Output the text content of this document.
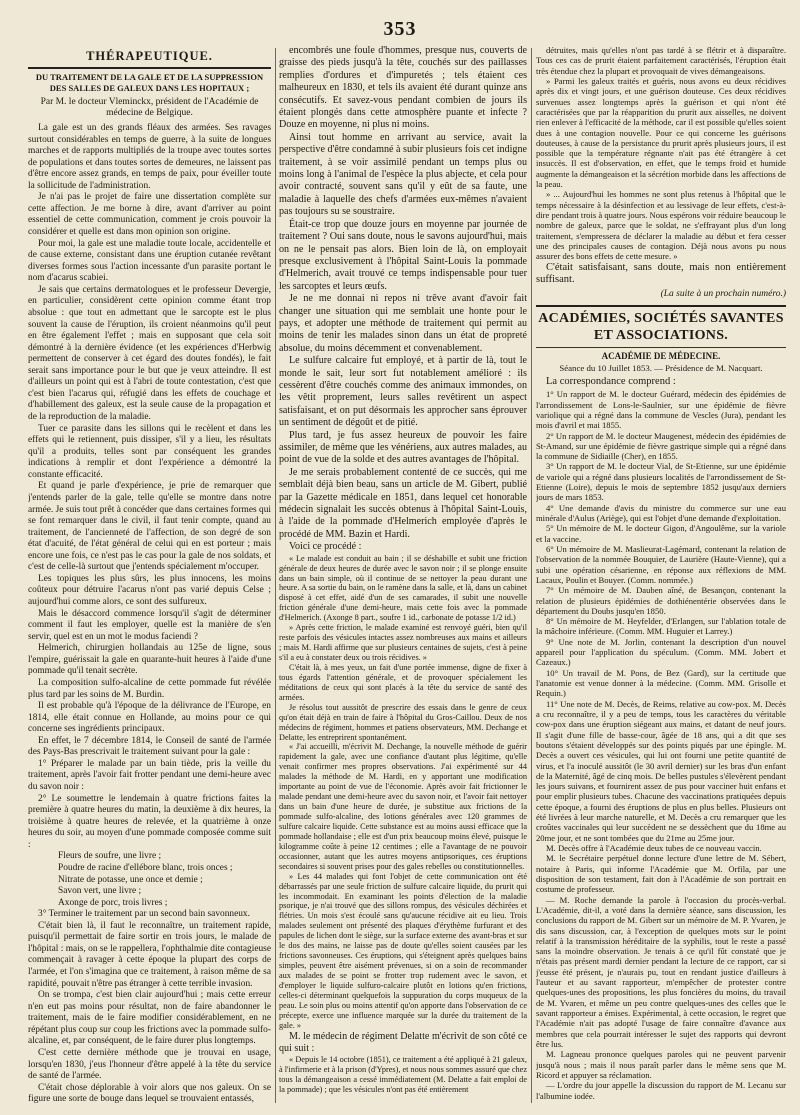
353
THÉRAPEUTIQUE.
DU TRAITEMENT DE LA GALE ET DE LA SUPPRESSION DES SALLES DE GALEUX DANS LES HOPITAUX ;
Par M. le docteur Vleminckx, président de l'Académie de médecine de Belgique.

La gale est un des grands fléaux des armées. Ses ravages surtout considérables en temps de guerre, à la suite de longues marches et de rapports multipliés de la troupe avec toutes sortes de populations et dans toutes sortes de demeures, ne laissent pas d'être encore assez grands, en temps de paix, pour éveiller toute la sollicitude de l'administration.

Je n'ai pas le projet de faire une dissertation complète sur cette affection. Je me borne à dire, avant d'arriver au point essentiel de cette communication, comment je crois pouvoir la considérer et quelle est dans mon opinion son origine.

Pour moi, la gale est une maladie toute locale, accidentelle et de cause externe, consistant dans une éruption cutanée revêtant diverses formes sous l'action incessante d'un parasite portant le nom d'acarus scabiei.

Je sais que certains dermatologues et le professeur Devergie, en particulier, considèrent cette opinion comme étant trop absolue : que tout en admettant que le sarcopte est le plus souvent la cause de l'éruption, ils croient néanmoins qu'il peut en être également l'effet ; mais en supposant que cela soit démontré à la dernière évidence (et les expériences d'Herbwig permettent de conserver à cet égard des doutes fondés), le fait serait sans importance pour le but que je veux atteindre. Il est d'ailleurs un point qui est à l'abri de toute contestation, c'est que c'est bien l'acarus qui, réfugié dans les effets de couchage et d'habillement des galeux, est la seule cause de la propagation et de la reproduction de la maladie.

Tuer ce parasite dans les sillons qui le recèlent et dans les effets qui le retiennent, puis dissiper, s'il y a lieu, les résultats qu'il a produits, telles sont par conséquent les grandes indications à remplir et dont l'expérience a démontré la constante efficacité.

Et quand je parle d'expérience, je prie de remarquer que j'entends parler de la gale, telle qu'elle se montre dans notre armée. Je suis tout prêt à concéder que dans certaines formes qui se font remarquer dans le civil, il faut tenir compte, quand au traitement, de l'ancienneté de l'affection, de son degré de son état d'acuité, de l'état général de celui qui en est porteur ; mais encore une fois, ce n'est pas le cas pour la gale de nos soldats, et c'est de celle-là surtout que j'entends spécialement m'occuper.

Les topiques les plus sûrs, les plus innocens, les moins coûteux pour détruire l'acarus n'ont pas varié depuis Celse ; aujourd'hui comme alors, ce sont des sulfureux.

Mais le désaccord commence lorsqu'il s'agit de déterminer comment il faut les employer, quelle est la manière de s'en servir, quel est en un mot le modus faciendi ?

Helmerich, chirurgien hollandais au 125e de ligne, sous l'empire, guérissait la gale en quarante-huit heures à l'aide d'une pommade qu'il tenait secrète.

La composition sulfo-alcaline de cette pommade fut révélée plus tard par les soins de M. Burdin.

Il est probable qu'à l'époque de la délivrance de l'Europe, en 1814, elle était connue en Hollande, au moins pour ce qui concerne ses ingrédients principaux.

En effet, le 7 décembre 1814, le Conseil de santé de l'armée des Pays-Bas prescrivait le traitement suivant pour la gale :

1° Préparer le malade par un bain tiède, pris la veille du traitement, après l'avoir fait frotter pendant une demi-heure avec du savon noir :

2° Le soumettre le lendemain à quatre frictions faites la première à quatre heures du matin, la deuxième à dix heures, la troisième à quatre heures de relevée, et la quatrième à onze heures du soir, au moyen d'une pommade composée comme suit :

Fleurs de soufre, une livre ;
Poudre de racine d'ellébore blanc, trois onces ;
Nitrate de potasse, une once et demie ;
Savon vert, une livre ;
Axonge de porc, trois livres ;

3° Terminer le traitement par un second bain savonneux.

C'était bien là, il faut le reconnaître, un traitement rapide, puisqu'il permettait de faire sortir en trois jours, le malade de l'hôpital : mais, on se le rappellera, l'ophthalmie dite contagieuse commençait à ravager à cette époque la plupart des corps de l'armée, et l'on s'imagina que ce traitement, à raison même de sa rapidité, pouvait n'être pas étranger à cette terrible invasion.

On se trompa, c'est bien clair aujourd'hui ; mais cette erreur n'en eut pas moins pour résultat, non de faire abandonner le traitement, mais de le faire modifier considérablement, en ne répétant plus coup sur coup les frictions avec la pommade sulfo-alcaline, et, par conséquent, de le faire durer plus longtemps.

C'est cette dernière méthode que je trouvai en usage, lorsqu'en 1830, j'eus l'honneur d'être appelé à la tête du service de santé de l'armée.

C'était chose déplorable à voir alors que nos galeux. On se figure une sorte de bouge dans lequel se trouvaient entassés,

encombrés une foule d'hommes, presque nus, couverts de graisse des pieds jusqu'à la tête, couchés sur des paillasses remplies d'ordures et d'impuretés ; tels étaient ces malheureux en 1830, et tels ils avaient été durant quinze ans consécutifs. Et savez-vous pendant combien de jours ils étaient plongés dans cette atmosphère puante et infecte ? Douze en moyenne, ni plus ni moins.

Ainsi tout homme en arrivant au service, avait la perspective d'être condamné à subir plusieurs fois cet indigne traitement, à se voir assimilé pendant un temps plus ou moins long à l'animal de l'espèce la plus abjecte, et cela pour avoir contracté, souvent sans qu'il y eût de sa faute, une maladie à laquelle des chefs d'armées eux-mêmes n'avaient pas toujours su se soustraire.

Était-ce trop que douze jours en moyenne par journée de traitement ? Oui sans doute, nous le savons aujourd'hui, mais on ne le pensait pas alors. Bien loin de là, on employait presque exclusivement à l'hôpital Saint-Louis la pommade d'Helmerich, avait trouvé ce temps indispensable pour tuer les sarcoptes et leurs œufs.

Je ne me donnai ni repos ni trêve avant d'avoir fait changer une situation qui me semblait une honte pour le pays, et adopter une méthode de traitement qui permit au moins de tenir les malades sinon dans un état de propreté absolue, du moins décemment et convenablement.

Le sulfure calcaire fut employé, et à partir de là, tout le monde le sait, leur sort fut notablement amélioré : ils cessèrent d'être couchés comme des animaux immondes, on les vêtit proprement, leurs salles revêtirent un aspect satisfaisant, et on put désormais les approcher sans éprouver un sentiment de dégoût et de pitié.

Plus tard, je fus assez heureux de pouvoir les faire assimiler, de même que les vénériens, aux autres malades, au point de vue de la solde et des autres avantages de l'hôpital.

Je me serais probablement contenté de ce succès, qui me semblait déjà bien beau, sans un article de M. Gibert, publié par la Gazette médicale en 1851, dans lequel cet honorable médecin signalait les succès obtenus à l'hôpital Saint-Louis, à l'aide de la pommade d'Helmerich employée d'après le procédé de MM. Bazin et Hardi.

Voici ce procédé :

« Le malade est conduit au bain ; il se déshabille et subit une friction générale de deux heures de durée avec le savon noir ; il se plonge ensuite dans un bain simple, où il continue de se nettoyer la peau durant une heure. A sa sortie du bain, on le ramène dans la salle, et là, dans un cabinet disposé à cet effet, aidé d'un de ses camarades, il subit une nouvelle friction générale d'une demi-heure, mais cette fois avec la pommade d'Helmerich. (Axonge 8 part., soufre 1 id., carbonate de potasse 1/2 id.)

» Après cette friction, le malade examiné est renvoyé guéri, bien qu'il reste parfois des vésicules intactes assez nombreuses aux mains et ailleurs ; mais M. Hardi affirme que sur plusieurs centaines de sujets, c'est à peine s'il a eu à constater deux ou trois récidives. »

C'était là, à mes yeux, un fait d'une portée immense, digne de fixer à tous égards l'attention générale, et de provoquer spécialement les méditations de ceux qui sont placés à la tête du service de santé des armées.

Je résolus tout aussitôt de prescrire des essais dans le genre de ceux qu'on était déjà en train de faire à l'hôpital du Gros-Caillou. Deux de nos médecins de régiment, hommes et patiens observateurs, MM. Dechange et Delatte, les entreprirent spontanément.

« J'ai accueilli, m'écrivit M. Dechange, la nouvelle méthode de guérir rapidement la gale, avec une confiance d'autant plus légitime, qu'elle venait confirmer mes propres observations. J'ai expérimenté sur 44 malades la méthode de M. Hardi, en y apportant une modification importante au point de vue de l'économie. Après avoir fait frictionner le malade pendant une demi-heure avec du savon noir, et l'avoir fait nettoyer dans un bain d'une heure de durée, je substitue aux frictions de la pommade sulfo-alcaline, des lotions générales avec 120 grammes de sulfure calcaire liquide. Cette substance est au moins aussi efficace que la pommade hollandaise ; elle est d'un prix beaucoup moins élevé, puisque le kilogramme coûte à peine 12 centimes ; elle a l'avantage de ne pouvoir occasionner, autant que les autres moyens antipsoriques, ces éruptions secondaires si souvent prises pour des gales rebelles ou constitutionnelles.

» Les 44 malades qui font l'objet de cette communication ont été débarrassés par une seule friction de sulfure calcaire liquide, du prurit qui les incommodait. En examinant les points d'élection de la maladie psorique, je n'ai trouvé que des sillons rompus, des vésicules déchirées et flétries. Un mois s'est écoulé sans qu'aucune récidive ait eu lieu. Trois malades seulement ont présenté des plaques d'érythème furfurant et des papules de lichen dont le siège, sur la surface externe des avant-bras et sur le dos des mains, ne laisse pas de doute qu'elles soient causées par les frictions savonneuses. Ces éruptions, qui s'éteignent après quelques bains simples, peuvent être aisément prévenues, si on a soin de recommander aux malades de se point se frotter trop rudement avec le savon, et d'employer le liquide sulfuro-calcaire plutôt en lotions qu'en frictions, celles-ci déterminant quelquefois la suppuration du corps muqueux de la peau. Le soin plus ou moins attentif qu'on apporte dans l'observation de ce précepte, exerce une influence marquée sur la durée du traitement de la gale. »

M. le médecin de régiment Delatte m'écrivit de son côté ce qui suit :

« Depuis le 14 octobre (1851), ce traitement a été appliqué à 21 galeux, à l'infirmerie et à la prison (d'Ypres), et nous nous sommes assuré que chez tous la démangeaison a cessé immédiatement (M. Delatte a fait emploi de la pommade) ; que les vésicules n'ont pas été entièrement

détruites, mais qu'elles n'ont pas tardé à se flétrir et à disparaître. Tous ces cas de prurit étaient parfaitement caractérisés, l'éruption était très étendue chez la plupart et provoquait de vives démangeaisons.

» Parmi les galeux traités et guéris, nous avons eu deux récidives après dix et vingt jours, et une guérison douteuse. Ces deux récidives survenues assez longtemps après la guérison et qui n'ont été caractérisées que par la réapparition du prurit aux aisselles, ne doivent rien enlever à l'efficacité de la méthode, car il est possible qu'elles soient dues à une contagion nouvelle. Pour ce qui concerne les guérisons douteuses, à cause de la persistance du prurit après plusieurs jours, il est possible que la température régnante n'ait pas été étrangère à cet insuccès. Il est d'observation, en effet, que le temps froid et humide augmente la démangeaison et la sécrétion morbide dans les affections de la peau.

» ... Aujourd'hui les hommes ne sont plus retenus à l'hôpital que le temps nécessaire à la désinfection et au lessivage de leur effets, c'est-à-dire pendant trois à quatre jours. Nous espérons voir réduire beaucoup le nombre de galeux, parce que le soldat, ne s'effrayant plus d'un long traitement, s'empressera de déclarer la maladie au début et fera cesser une des principales causes de contagion. Déjà nous avons pu nous assurer des bons effets de cette mesure. »

C'était satisfaisant, sans doute, mais non entièrement suffisant.

(La suite à un prochain numéro.)
ACADÉMIES, SOCIÉTÉS SAVANTES ET ASSOCIATIONS.
ACADÉMIE DE MÉDECINE.
Séance du 10 Juillet 1853. — Présidence de M. Nacquart.

La correspondance comprend :

1° Un rapport de M. le docteur Guérard, médecin des épidémies de l'arrondissement de Lons-le-Saulnier, sur une épidémie de fièvre variolique qui a régné dans la commune de Vescles (Jura), pendant les mois d'avril et mai 1855.

2° Un rapport de M. le docteur Maugenest, médecin des épidémies de St-Amand, sur une épidémie de fièvre gastrique simple qui a régné dans la commune de Sidiaille (Cher), en 1855.

3° Un rapport de M. le docteur Vial, de St-Etienne, sur une épidémie de variole qui a régné dans plusieurs localités de l'arrondissement de St-Etienne (Loire), depuis le mois de septembre 1852 jusqu'aux derniers jours de mars 1853.

4° Une demande d'avis du ministre du commerce sur une eau minérale d'Aulus (Ariège), qui est l'objet d'une demande d'exploitation.

5° Un mémoire de M. le docteur Gigon, d'Angoulême, sur la variole et la vaccine.

6° Un mémoire de M. Maslieurat-Lagémard, contenant la relation de l'observation de la nommée Bouquier, de Laurière (Haute-Vienne), qui a subi une opération césarienne, en réponse aux réflexions de MM. Lacaux, Poulin et Bouyer. (Comm. nommée.)

7° Un mémoire de M. Dauben aîné, de Besançon, contenant la relation de plusieurs épidémies de dothiénentérie observées dans le département du Doubs jusqu'en 1850.

8° Un mémoire de M. Heyfelder, d'Erlangen, sur l'ablation totale de la mâchoire inférieure. (Comm. MM. Huguier et Larrey.)

9° Une note de M. Jorlin, contenant la description d'un nouvel appareil pour l'application du spéculum. (Comm. MM. Jobert et Cazeaux.)

10° Un travail de M. Pons, de Bez (Gard), sur la certitude que l'anatomie est venue donner à la médecine. (Comm. MM. Grisolle et Requin.)

11° Une note de M. Decès, de Reims, relative au cow-pox. M. Decès a cru reconnaître, il y a peu de temps, tous les caractères du véritable cow-pox dans une éruption siégeant aux mains, et datant de neuf jours. Il s'agit d'une fille de basse-cour, âgée de 18 ans, qui a dit que ses boutons s'étaient développés sur des points piqués par une épingle. M. Decès a ouvert ces vésicules, qui lui ont fourni une petite quantité de virus, et l'a inoculé aussitôt (le 30 avril dernier) sur les bras d'un enfant de la Maternité, âgé de cinq mois. De belles pustules s'élevèrent pendant les jours suivans, et fournirent assez de pus pour vacciner huit enfans et pour emplir plusieurs tubes. Chacune des vaccinations pratiquées depuis cette époque, a fourni des éruptions de plus en plus belles. Plusieurs ont été livrées à leur marche naturelle, et M. Decès a cru remarquer que les croûtes vaccinales qui leur succèdent ne se dessèchent que du 18me au 20me jour, et ne sont tombées que du 21me au 25me jour.

M. Decès offre à l'Académie deux tubes de ce nouveau vaccin.

M. le Secrétaire perpétuel donne lecture d'une lettre de M. Sébert, notaire à Paris, qui informe l'Académie que M. Orfila, par une disposition de son testament, fait don à l'Académie de son portrait en costume de professeur.

— M. Roche demande la parole à l'occasion du procès-verbal. L'Académie, dit-il, a voté dans la dernière séance, sans discussion, les conclusions du rapport de M. Gibert sur un mémoire de M. P. Yvaren, je dis sans discussion, car, à l'exception de quelques mots sur le point relatif à la transmission héréditaire de la syphilis, tout le reste a passé sans la moindre observation. Je tenais à ce qu'il fût constaté que je n'étais pas présent mardi dernier pendant la lecture de ce rapport, car si j'eusse été présent, je n'aurais pu, tout en rendant justice d'ailleurs à l'auteur et au savant rapporteur, m'empêcher de protester contre quelques-unes des propositions, les plus foncières du moins, du travail de M. Yvaren, et même un peu contre quelques-unes des celles que le savant rapporteur a émises. Expérimental, à cette occasion, le regret que l'Académie n'ait pas adopté l'usage de faire connaître d'avance aux membres que cela pourrait intéresser le sujet des rapports qui devront être lus.

M. Lagneau prononce quelques paroles qui ne peuvent parvenir jusqu'à nous ; mais il nous paraît parler dans le même sens que M. Ricord et appuyer sa réclamation.

— L'ordre du jour appelle la discussion du rapport de M. Lecanu sur l'albumine iodée.
